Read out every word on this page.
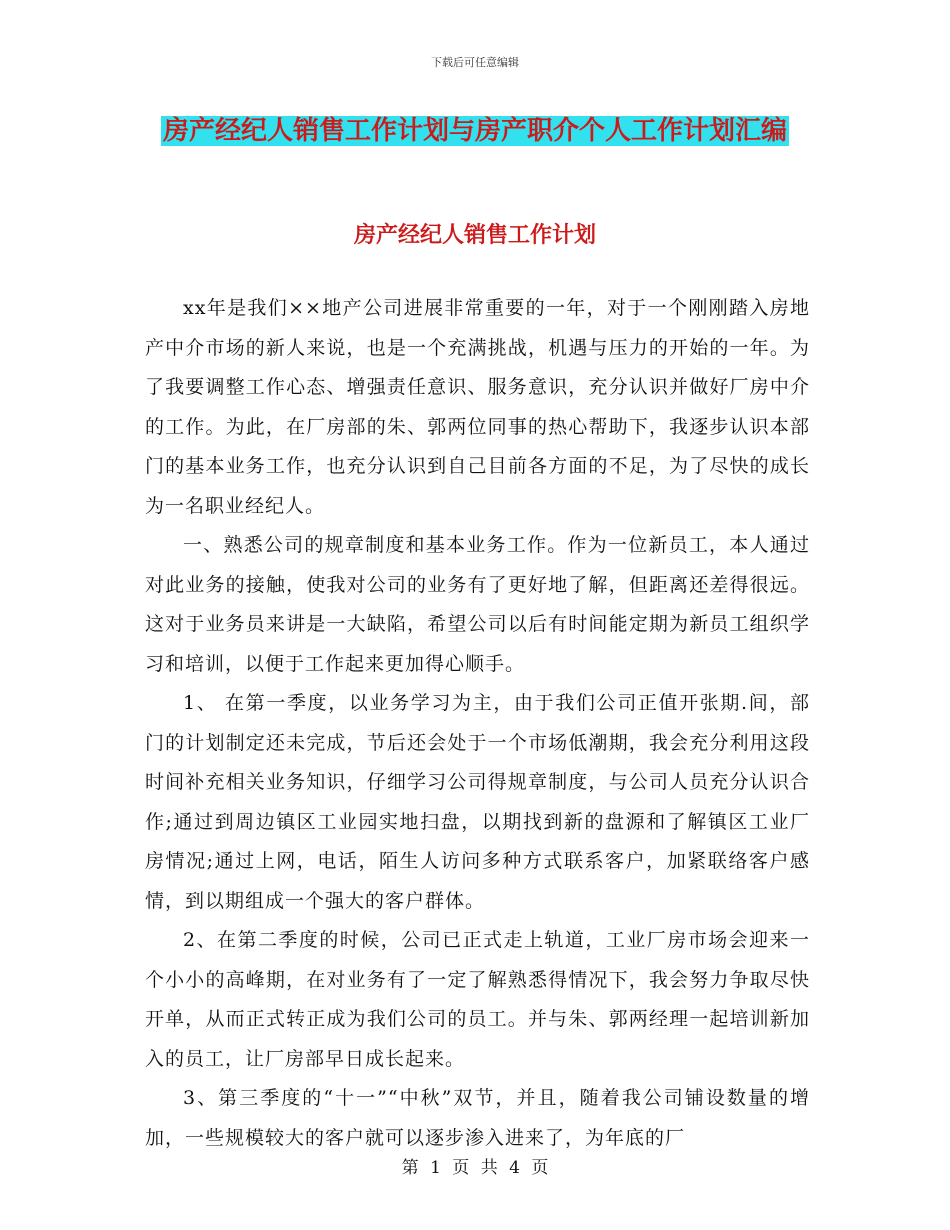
下载后可任意编辑
房产经纪人销售工作计划与房产职介个人工作计划汇编
房产经纪人销售工作计划

xx年是我们××地产公司进展非常重要的一年，对于一个刚刚踏入房地产中介市场的新人来说，也是一个充满挑战，机遇与压力的开始的一年。为了我要调整工作心态、增强责任意识、服务意识，充分认识并做好厂房中介的工作。为此，在厂房部的朱、郭两位同事的热心帮助下，我逐步认识本部门的基本业务工作，也充分认识到自己目前各方面的不足，为了尽快的成长为一名职业经纪人。

一、熟悉公司的规章制度和基本业务工作。作为一位新员工，本人通过对此业务的接触，使我对公司的业务有了更好地了解，但距离还差得很远。这对于业务员来讲是一大缺陷，希望公司以后有时间能定期为新员工组织学习和培训，以便于工作起来更加得心顺手。

1、 在第一季度，以业务学习为主，由于我们公司正值开张期.间，部门的计划制定还未完成，节后还会处于一个市场低潮期，我会充分利用这段时间补充相关业务知识，仔细学习公司得规章制度，与公司人员充分认识合作;通过到周边镇区工业园实地扫盘，以期找到新的盘源和了解镇区工业厂房情况;通过上网，电话，陌生人访问多种方式联系客户，加紧联络客户感情，到以期组成一个强大的客户群体。

2、在第二季度的时候，公司已正式走上轨道，工业厂房市场会迎来一个小小的高峰期，在对业务有了一定了解熟悉得情况下，我会努力争取尽快开单，从而正式转正成为我们公司的员工。并与朱、郭两经理一起培训新加入的员工，让厂房部早日成长起来。

3、第三季度的“十一”“中秋”双节，并且，随着我公司铺设数量的增加，一些规模较大的客户就可以逐步渗入进来了，为年底的厂

第 1 页 共 4 页
